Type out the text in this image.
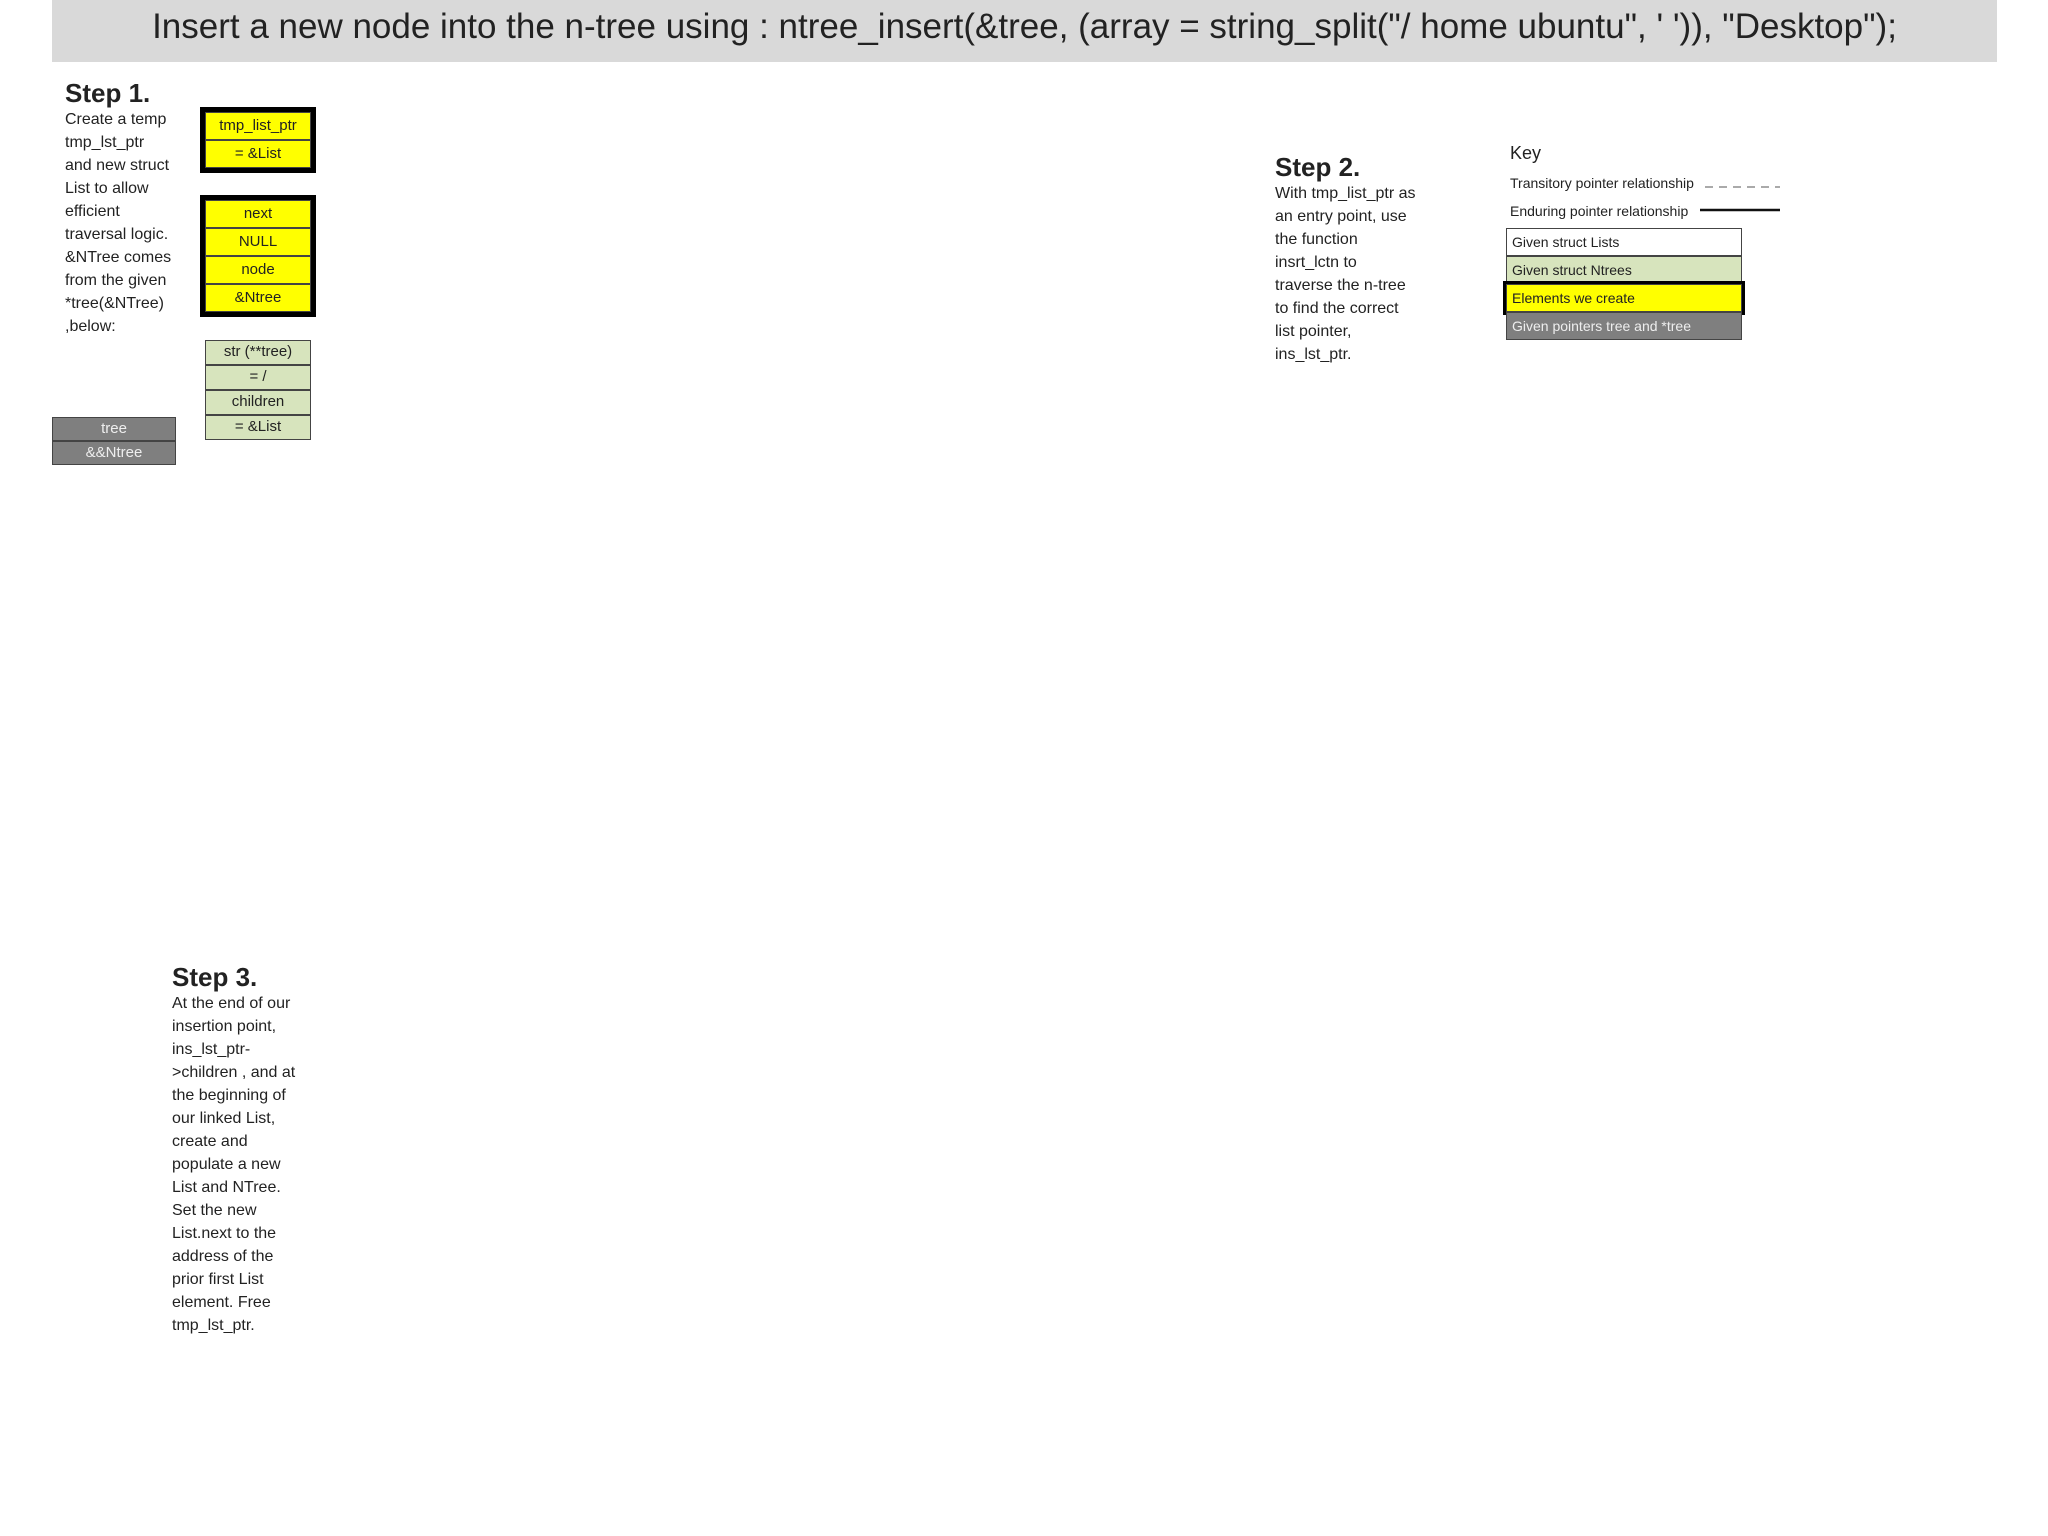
Insert a new node into the n-tree using : ntree_insert(&tree, (array = string_split("/ home ubuntu", ' ')), "Desktop");
Step 1.
Create a temp
tmp_lst_ptr
and new struct
List to allow
efficient
traversal logic.
&NTree comes
from the given
*tree(&NTree)
,below:
Step 2.
With tmp_list_ptr as
an entry point, use
the function
insrt_lctn to
traverse the n-tree
to find the correct
list pointer,
ins_lst_ptr.
Step 3.
At the end of our
insertion point,
ins_lst_ptr-
>children , and at
the beginning of
our linked List,
create and
populate a new
List and NTree.
Set the new
List.next to the
address of the
prior first List
element. Free
tmp_lst_ptr.
Key
Transitory pointer relationship
Enduring pointer relationship
Given struct Lists
Given struct Ntrees
Elements we create
Given pointers tree and *tree
tmp_list_ptr
= &List
next
NULL
node
&Ntree
str (**tree)
= /
children
= &List
tree
&&Ntree
